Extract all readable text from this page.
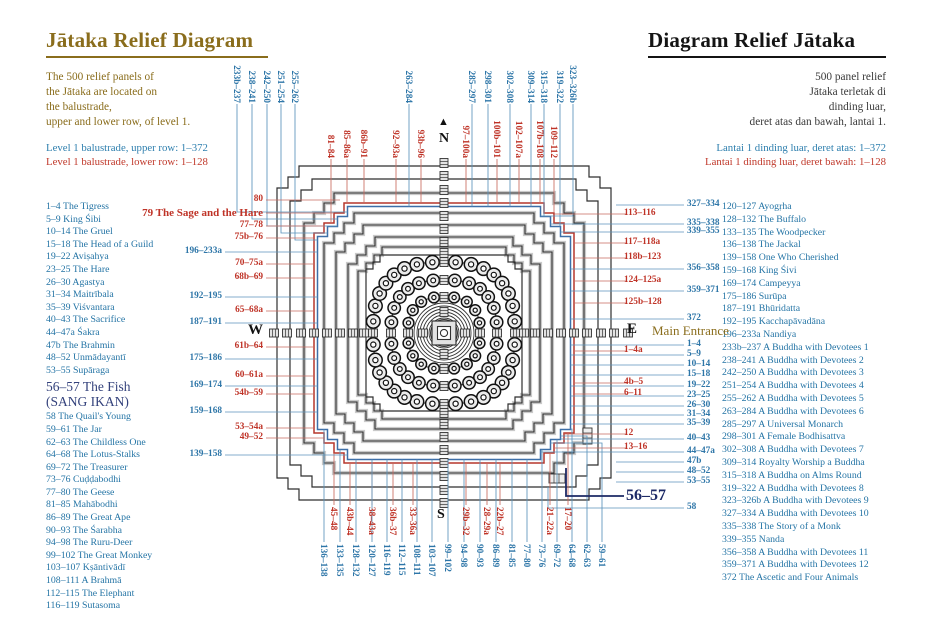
Jātaka Relief Diagram
The 500 relief panels of
the Jātaka are located on
the balustrade,
upper and lower row, of level 1.
Level 1 balustrade, upper row: 1–372
Level 1 balustrade, lower row: 1–128
Diagram Relief Jātaka
500 panel relief
Jātaka terletak di
dinding luar,
deret atas dan bawah, lantai 1.
Lantai 1 dinding luar, deret atas: 1–372
Lantai 1 dinding luar, deret bawah: 1–128
1–4 The Tigress
5–9 King Śibi
10–14 The Gruel
15–18 The Head of a Guild
19–22 Aviṣahya
23–25 The Hare
26–30 Agastya
31–34 Maitrībala
35–39 Viśvantara
40–43 The Sacrifice
44–47a Śakra
47b The Brahmin
48–52 Unmādayantī
53–55 Supāraga
56–57 The Fish
(SANG IKAN)
58 The Quail's Young
59–61 The Jar
62–63 The Childless One
64–68 The Lotus-Stalks
69–72 The Treasurer
73–76 Cuḍḍabodhi
77–80 The Geese
81–85 Mahābodhi
86–89 The Great Ape
90–93 The Śarabha
94–98 The Ruru-Deer
99–102 The Great Monkey
103–107 Kṣāntivādī
108–111 A Brahmā
112–115 The Elephant
116–119 Sutasoma
120–127 Ayogṛha
128–132 The Buffalo
133–135 The Woodpecker
136–138 The Jackal
139–158 One Who Cherished
159–168 King Śivi
169–174 Campeyya
175–186 Surūpa
187–191 Bhūridatta
192–195 Kacchapāvadāna
196–233a Nandiya
233b–237 A Buddha with Devotees 1
238–241 A Buddha with Devotees 2
242–250 A Buddha with Devotees 3
251–254 A Buddha with Devotees 4
255–262 A Buddha with Devotees 5
263–284 A Buddha with Devotees 6
285–297 A Universal Monarch
298–301 A Female Bodhisattva
302–308 A Buddha with Devotees 7
309–314 Royalty Worship a Buddha
315–318 A Buddha on Alms Round
319–322 A Buddha with Devotees 8
323–326b A Buddha with Devotees 9
327–334 A Buddha with Devotees 10
335–338 The Story of a Monk
339–355 Nanda
356–358 A Buddha with Devotees 11
359–371 A Buddha with Devotees 12
372 The Ascetic and Four Animals
233b–237 238–241 242–250 251–254 255–262	263–284	285–297 298–301 302–308 309–314 315–318 319–322 323–326b
81–84 85–86a 86b–91 92–93a 93b–96	97–100a 100b–101 102–107a 107b–108 109–112
45–48 43b–44 38–43a 36b–37 33–36a	29b–32 28–29a 22b–27	21–22a 17–20
136–138 133–135 128–132 120–127 116–119 112–115 108–111 103–107 99–102 94–98 90–93 86–89 81–85 77–80 73–76 69–72 64–68 62–63 59–61
80
79 The Sage and the Hare
77–78
75b–76
196–233a
70–75a
68b–69
192–195
65–68a
187–191
61b–64
175–186
60–61a
169–174
54b–59
159–168
53–54a
49–52
139–158
327–334
113–116
335–338
339–355
117–118a
118b–123
356–358
124–125a
359–371
125b–128
372
1–4
1–4a	5–9
10–14
15–18
4b–5	19–22
6–11	23–25
26–30
31–34
35–39
12	40–43
13–16	44–47a
47b
48–52
53–55
56–57
58
▲
N
S
W	E Main Entrance
